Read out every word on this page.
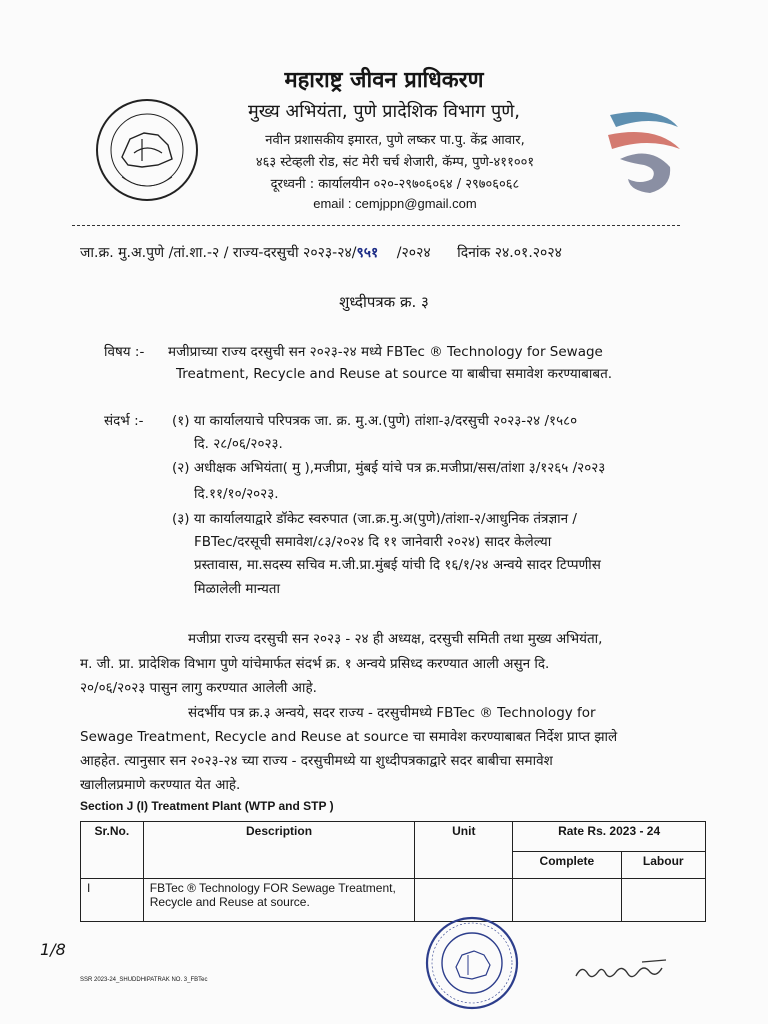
महाराष्ट्र जीवन प्राधिकरण
मुख्य अभियंता, पुणे प्रादेशिक विभाग पुणे,
नवीन प्रशासकीय इमारत, पुणे लष्कर पा.पु. केंद्र आवार,
४६३ स्टेव्हली रोड, संट मेरी चर्च शेजारी, कॅम्प, पुणे-४११००१
दूरध्वनी : कार्यालयीन ०२०-२९७०६०६४ / २९७०६०६८
email : cemjppn@gmail.com
जा.क्र. मु.अ.पुणे /तां.शा.-२ / राज्य-दरसुची २०२३-२४/९५१ /२०२४ दिनांक २४.०१.२०२४
शुध्दीपत्रक क्र. ३
विषय :- मजीप्राच्या राज्य दरसुची सन २०२३-२४ मध्ये FBTec ® Technology for Sewage
Treatment, Recycle and Reuse at source या बाबीचा समावेश करण्याबाबत.
संदर्भ :- (१) या कार्यालयाचे परिपत्रक जा. क्र. मु.अ.(पुणे) तांशा-३/दरसुची २०२३-२४ /१५८०
दि. २८/०६/२०२३.
(२) अधीक्षक अभियंता( मु ),मजीप्रा, मुंबई यांचे पत्र क्र.मजीप्रा/सस/तांशा ३/१२६५ /२०२३
दि.११/१०/२०२३.
(३) या कार्यालयाद्वारे डॉकेट स्वरुपात (जा.क्र.मु.अ(पुणे)/तांशा-२/आधुनिक तंत्रज्ञान /
FBTec/दरसूची समावेश/८३/२०२४ दि ११ जानेवारी २०२४) सादर केलेल्या
प्रस्तावास, मा.सदस्य सचिव म.जी.प्रा.मुंबई यांची दि १६/१/२४ अन्वये सादर टिप्पणीस
मिळालेली मान्यता
मजीप्रा राज्य दरसुची सन २०२३ - २४ ही अध्यक्ष, दरसुची समिती तथा मुख्य अभियंता,
म. जी. प्रा. प्रादेशिक विभाग पुणे यांचेमार्फत संदर्भ क्र. १ अन्वये प्रसिध्द करण्यात आली असुन दि.
२०/०६/२०२३ पासुन लागु करण्यात आलेली आहे.
संदर्भीय पत्र क्र.३ अन्वये, सदर राज्य - दरसुचीमध्ये FBTec ® Technology for
Sewage Treatment, Recycle and Reuse at source चा समावेश करण्याबाबत निर्देश प्राप्त झाले
आहहेत. त्यानुसार सन २०२३-२४ च्या राज्य - दरसुचीमध्ये या शुध्दीपत्रकाद्वारे सदर बाबीचा समावेश
खालीलप्रमाणे करण्यात येत आहे.
Section J (I) Treatment Plant (WTP and STP )
Sr.No.	Description	Unit	Rate Rs. 2023 - 24	
			Complete	Labour
I	FBTec ® Technology FOR Sewage Treatment, Recycle and Reuse at source.			
1/8
SSR 2023-24_SHUDDHIPATRAK NO. 3_FBTec
